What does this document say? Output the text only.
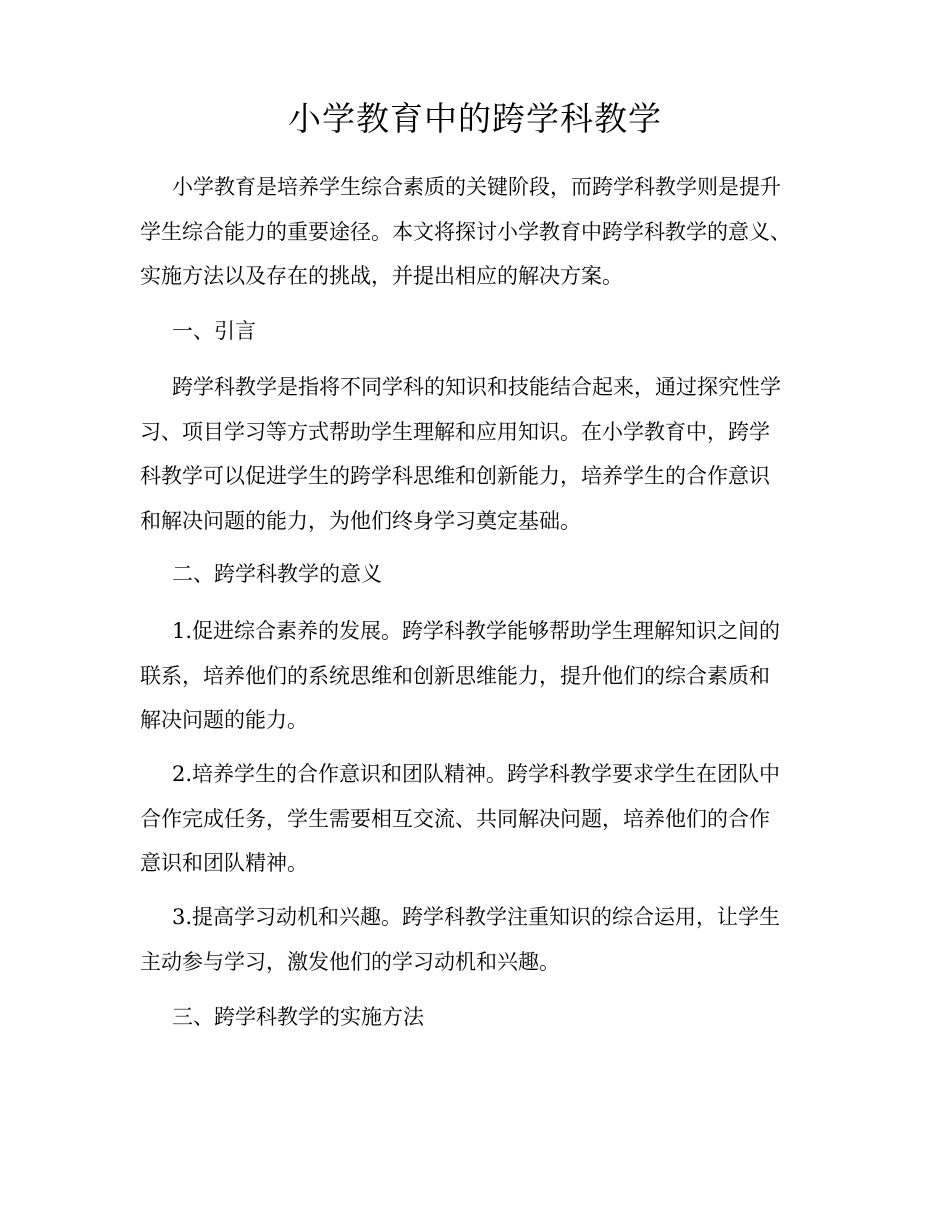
小学教育中的跨学科教学

小学教育是培养学生综合素质的关键阶段，而跨学科教学则是提升
学生综合能力的重要途径。本文将探讨小学教育中跨学科教学的意义、
实施方法以及存在的挑战，并提出相应的解决方案。

一、引言

跨学科教学是指将不同学科的知识和技能结合起来，通过探究性学
习、项目学习等方式帮助学生理解和应用知识。在小学教育中，跨学
科教学可以促进学生的跨学科思维和创新能力，培养学生的合作意识
和解决问题的能力，为他们终身学习奠定基础。

二、跨学科教学的意义

1.促进综合素养的发展。跨学科教学能够帮助学生理解知识之间的
联系，培养他们的系统思维和创新思维能力，提升他们的综合素质和
解决问题的能力。

2.培养学生的合作意识和团队精神。跨学科教学要求学生在团队中
合作完成任务，学生需要相互交流、共同解决问题，培养他们的合作
意识和团队精神。

3.提高学习动机和兴趣。跨学科教学注重知识的综合运用，让学生
主动参与学习，激发他们的学习动机和兴趣。

三、跨学科教学的实施方法
